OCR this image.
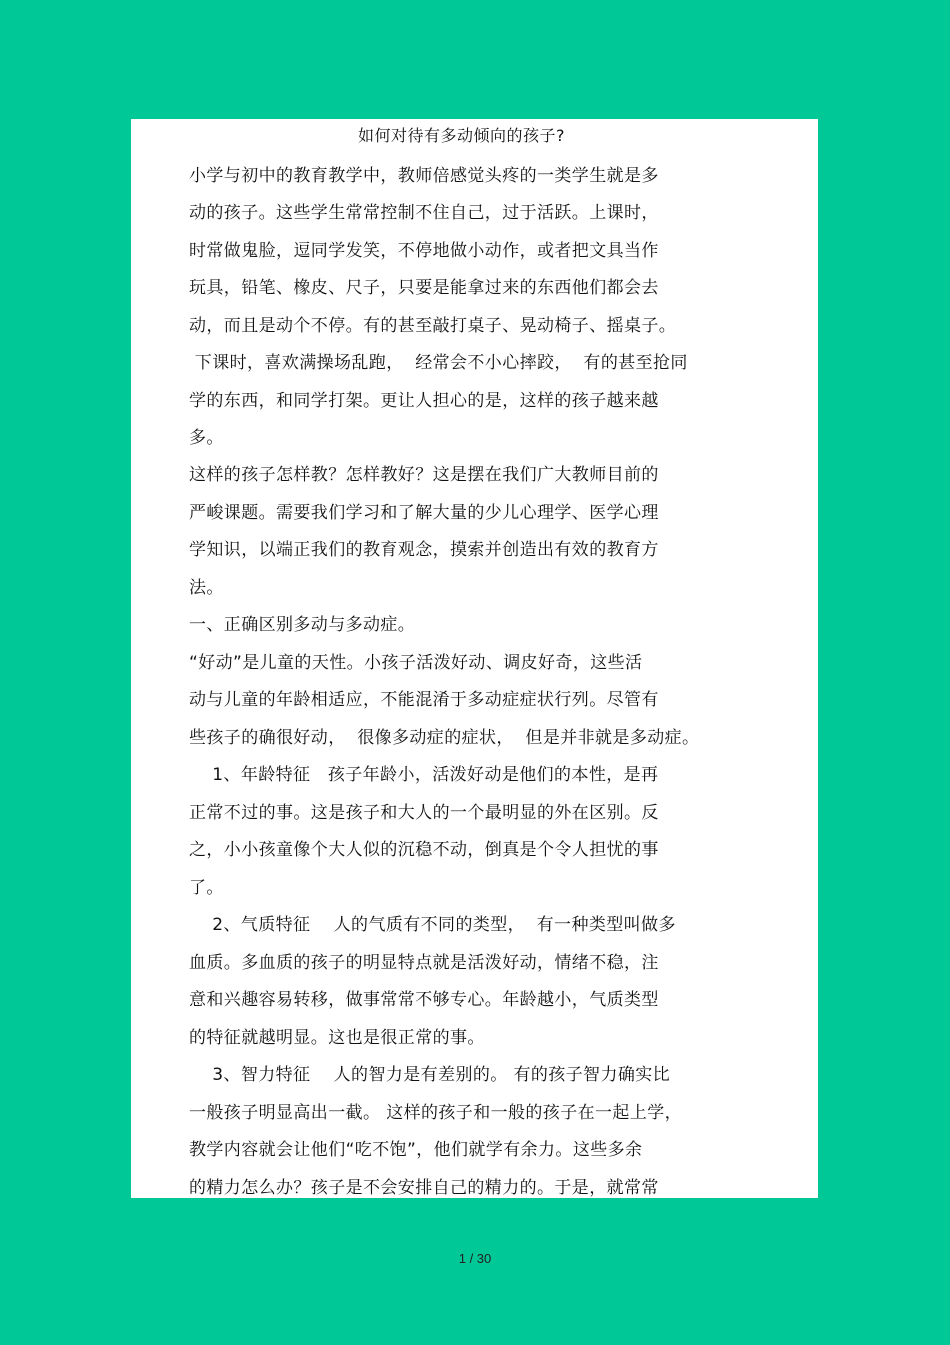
如何对待有多动倾向的孩子?
小学与初中的教育教学中，教师倍感觉头疼的一类学生就是多
动的孩子。这些学生常常控制不住自己，过于活跃。上课时，
时常做鬼脸，逗同学发笑，不停地做小动作，或者把文具当作
玩具，铅笔、橡皮、尺子，只要是能拿过来的东西他们都会去
动，而且是动个不停。有的甚至敲打桌子、晃动椅子、摇桌子。
下课时，喜欢满操场乱跑，  经常会不小心摔跤，  有的甚至抢同
学的东西，和同学打架。更让人担心的是，这样的孩子越来越
多。
这样的孩子怎样教？怎样教好？这是摆在我们广大教师目前的
严峻课题。需要我们学习和了解大量的少儿心理学、医学心理
学知识，以端正我们的教育观念，摸索并创造出有效的教育方
法。
一、正确区别多动与多动症。
“好动”是儿童的天性。小孩子活泼好动、调皮好奇，这些活
动与儿童的年龄相适应，不能混淆于多动症症状行列。尽管有
些孩子的确很好动，  很像多动症的症状，  但是并非就是多动症。
1、年龄特征   孩子年龄小，活泼好动是他们的本性，是再
正常不过的事。这是孩子和大人的一个最明显的外在区别。反
之，小小孩童像个大人似的沉稳不动，倒真是个令人担忧的事
了。
2、气质特征    人的气质有不同的类型，  有一种类型叫做多
血质。多血质的孩子的明显特点就是活泼好动，情绪不稳，注
意和兴趣容易转移，做事常常不够专心。年龄越小，气质类型
的特征就越明显。这也是很正常的事。
3、智力特征    人的智力是有差别的。 有的孩子智力确实比
一般孩子明显高出一截。 这样的孩子和一般的孩子在一起上学，
教学内容就会让他们“吃不饱”，他们就学有余力。这些多余
的精力怎么办？孩子是不会安排自己的精力的。于是，就常常
1 / 30
